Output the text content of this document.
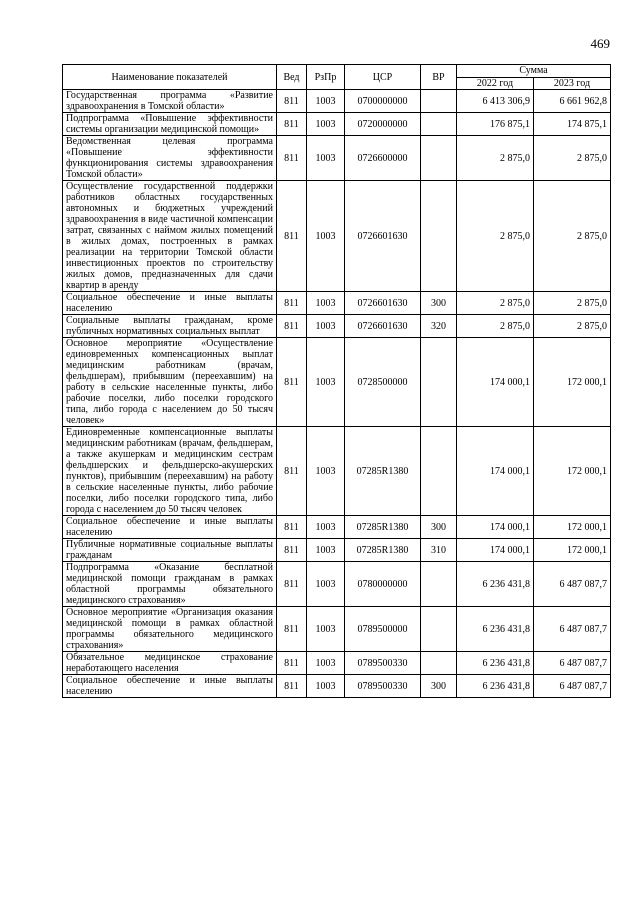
469
Наименование показателей	Вед	РзПр	ЦСР	ВР	Сумма	
					2022 год	2023 год
Государственная программа «Развитие здравоохранения в Томской области»	811	1003	0700000000		6 413 306,9	6 661 962,8
Подпрограмма «Повышение эффективности системы организации медицинской помощи»	811	1003	0720000000		176 875,1	174 875,1
Ведомственная целевая программа «Повышение эффективности функционирования системы здравоохранения Томской области»	811	1003	0726600000		2 875,0	2 875,0
Осуществление государственной поддержки работников областных государственных автономных и бюджетных учреждений здравоохранения в виде частичной компенсации затрат, связанных с наймом жилых помещений в жилых домах, построенных в рамках реализации на территории Томской области инвестиционных проектов по строительству жилых домов, предназначенных для сдачи квартир в аренду	811	1003	0726601630		2 875,0	2 875,0
Социальное обеспечение и иные выплаты населению	811	1003	0726601630	300	2 875,0	2 875,0
Социальные выплаты гражданам, кроме публичных нормативных социальных выплат	811	1003	0726601630	320	2 875,0	2 875,0
Основное мероприятие «Осуществление единовременных компенсационных выплат медицинским работникам (врачам, фельдшерам), прибывшим (переехавшим) на работу в сельские населенные пункты, либо рабочие поселки, либо поселки городского типа, либо города с населением до 50 тысяч человек»	811	1003	0728500000		174 000,1	172 000,1
Единовременные компенсационные выплаты медицинским работникам (врачам, фельдшерам, а также акушеркам и медицинским сестрам фельдшерских и фельдшерско-акушерских пунктов), прибывшим (переехавшим) на работу в сельские населенные пункты, либо рабочие поселки, либо поселки городского типа, либо города с населением до 50 тысяч человек	811	1003	07285R1380		174 000,1	172 000,1
Социальное обеспечение и иные выплаты населению	811	1003	07285R1380	300	174 000,1	172 000,1
Публичные нормативные социальные выплаты гражданам	811	1003	07285R1380	310	174 000,1	172 000,1
Подпрограмма «Оказание бесплатной медицинской помощи гражданам в рамках областной программы обязательного медицинского страхования»	811	1003	0780000000		6 236 431,8	6 487 087,7
Основное мероприятие «Организация оказания медицинской помощи в рамках областной программы обязательного медицинского страхования»	811	1003	0789500000		6 236 431,8	6 487 087,7
Обязательное медицинское страхование неработающего населения	811	1003	0789500330		6 236 431,8	6 487 087,7
Социальное обеспечение и иные выплаты населению	811	1003	0789500330	300	6 236 431,8	6 487 087,7
